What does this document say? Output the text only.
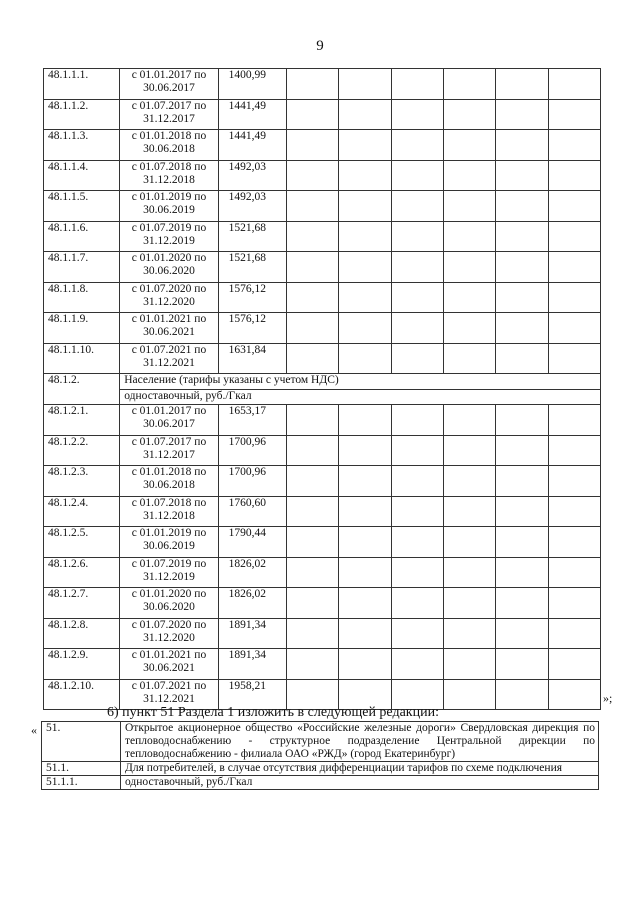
9
48.1.1.1.	с 01.01.2017 по 30.06.2017	1400,99						
48.1.1.2.	с 01.07.2017 по 31.12.2017	1441,49						
48.1.1.3.	с 01.01.2018 по 30.06.2018	1441,49						
48.1.1.4.	с 01.07.2018 по 31.12.2018	1492,03						
48.1.1.5.	с 01.01.2019 по 30.06.2019	1492,03						
48.1.1.6.	с 01.07.2019 по 31.12.2019	1521,68						
48.1.1.7.	с 01.01.2020 по 30.06.2020	1521,68						
48.1.1.8.	с 01.07.2020 по 31.12.2020	1576,12						
48.1.1.9.	с 01.01.2021 по 30.06.2021	1576,12						
48.1.1.10.	с 01.07.2021 по 31.12.2021	1631,84						
48.1.2.	Население (тарифы указаны с учетом НДС)							
	одноставочный, руб./Гкал							
48.1.2.1.	с 01.01.2017 по 30.06.2017	1653,17						
48.1.2.2.	с 01.07.2017 по 31.12.2017	1700,96						
48.1.2.3.	с 01.01.2018 по 30.06.2018	1700,96						
48.1.2.4.	с 01.07.2018 по 31.12.2018	1760,60						
48.1.2.5.	с 01.01.2019 по 30.06.2019	1790,44						
48.1.2.6.	с 01.07.2019 по 31.12.2019	1826,02						
48.1.2.7.	с 01.01.2020 по 30.06.2020	1826,02						
48.1.2.8.	с 01.07.2020 по 31.12.2020	1891,34						
48.1.2.9.	с 01.01.2021 по 30.06.2021	1891,34						
48.1.2.10.	с 01.07.2021 по 31.12.2021	1958,21						
»;
6) пункт 51 Раздела 1 изложить в следующей редакции:
« 51.	Открытое акционерное общество «Российские железные дороги» Свердловская дирекция по тепловодоснабжению - структурное подразделение Центральной дирекции по тепловодоснабжению - филиала ОАО «РЖД» (город Екатеринбург)
51.1.	Для потребителей, в случае отсутствия дифференциации тарифов по схеме подключения
51.1.1.	одноставочный, руб./Гкал
